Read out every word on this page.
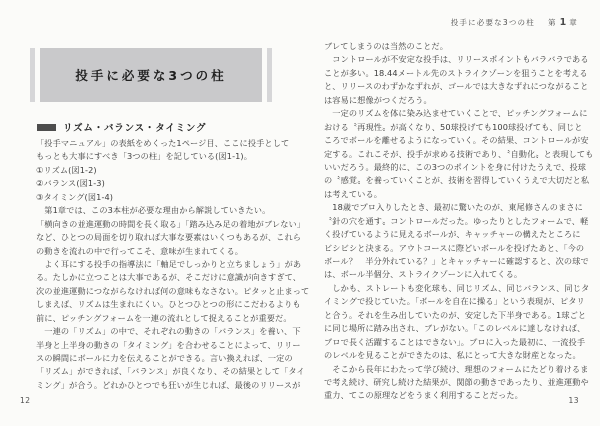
投手に必要な3つの柱 第 1 章
投手に必要な3つの柱
リズム・バランス・タイミング
「投手マニュアル」の表紙をめくった1ページ目、ここに投手として
もっとも大事にすべき「3つの柱」を記している(図1-1)。
①リズム(図1-2)
②バランス(図1-3)
③タイミング(図1-4)
　第1章では、この3本柱が必要な理由から解説していきたい。
「横向きの並進運動の時間を長く取る」「踏み込み足の着地がブレない」
など、ひとつの局面を切り取れば大事な要素はいくつもあるが、これら
の動きを流れの中で行ってこそ、意味が生まれてくる。
　よく耳にする投手の指導法に「軸足でしっかりと立ちましょう」があ
る。たしかに立つことは大事であるが、そこだけに意識が向きすぎて、
次の並進運動につながらなければ何の意味もなさない。ピタッと止まって
しまえば、リズムは生まれにくい。ひとつひとつの形にこだわるよりも
前に、ピッチングフォームを一連の流れとして捉えることが重要だ。
　一連の「リズム」の中で、それぞれの動きの「バランス」を養い、下
半身と上半身の動きの「タイミング」を合わせることによって、リリー
スの瞬間にボールに力を伝えることができる。言い換えれば、一定の
「リズム」ができれば、「バランス」が良くなり、その結果として「タイ
ミング」が合う。どれかひとつでも狂いが生じれば、最後のリリースが
ブレてしまうのは当然のことだ。
　コントロールが不安定な投手は、リリースポイントもバラバラである
ことが多い。18.44メートル先のストライクゾーンを狙うことを考える
と、リリースのわずかなずれが、ゴールでは大きなずれにつながること
は容易に想像がつくだろう。
　一定のリズムを体に染み込ませていくことで、ピッチングフォームに
おける〝再現性〟が高くなり、50球投げても100球投げても、同じと
ころでボールを離せるようになっていく。その結果、コントロールが安
定する。これこそが、投手が求める技術であり、〝自動化〟と表現しても
いいだろう。最終的に、この3つのポイントを身に付けたうえで、投球
の〝感覚〟を養っていくことが、技術を習得していくうえで大切だと私
は考えている。
　18歳でプロ入りしたとき、最初に驚いたのが、東尾修さんのまさに
〝針の穴を通す〟コントロールだった。ゆったりとしたフォームで、軽
く投げているように見えるボールが、キャッチャーの構えたところに
ビシビシと決まる。アウトコースに際どいボールを投げたあと、「今の
ボール？　半分外れている？」とキャッチャーに確認すると、次の球で
は、ボール半個分、ストライクゾーンに入れてくる。
　しかも、ストレートも変化球も、同じリズム、同じバランス、同じタ
イミングで投じていた。「ボールを自在に操る」という表現が、ピタリ
と合う。それを生み出していたのが、安定した下半身である。1球ごと
に同じ場所に踏み出され、ブレがない。「このレベルに達しなければ、
プロで長く活躍することはできない」。プロに入った最初に、一流投手
のレベルを見ることができたのは、私にとって大きな財産となった。
　そこから長年にわたって学び続け、理想のフォームにたどり着けるま
で考え続け、研究し続けた結果が、関節の動きであったり、並進運動や
重力、てこの原理などをうまく利用することだった。
12	13
